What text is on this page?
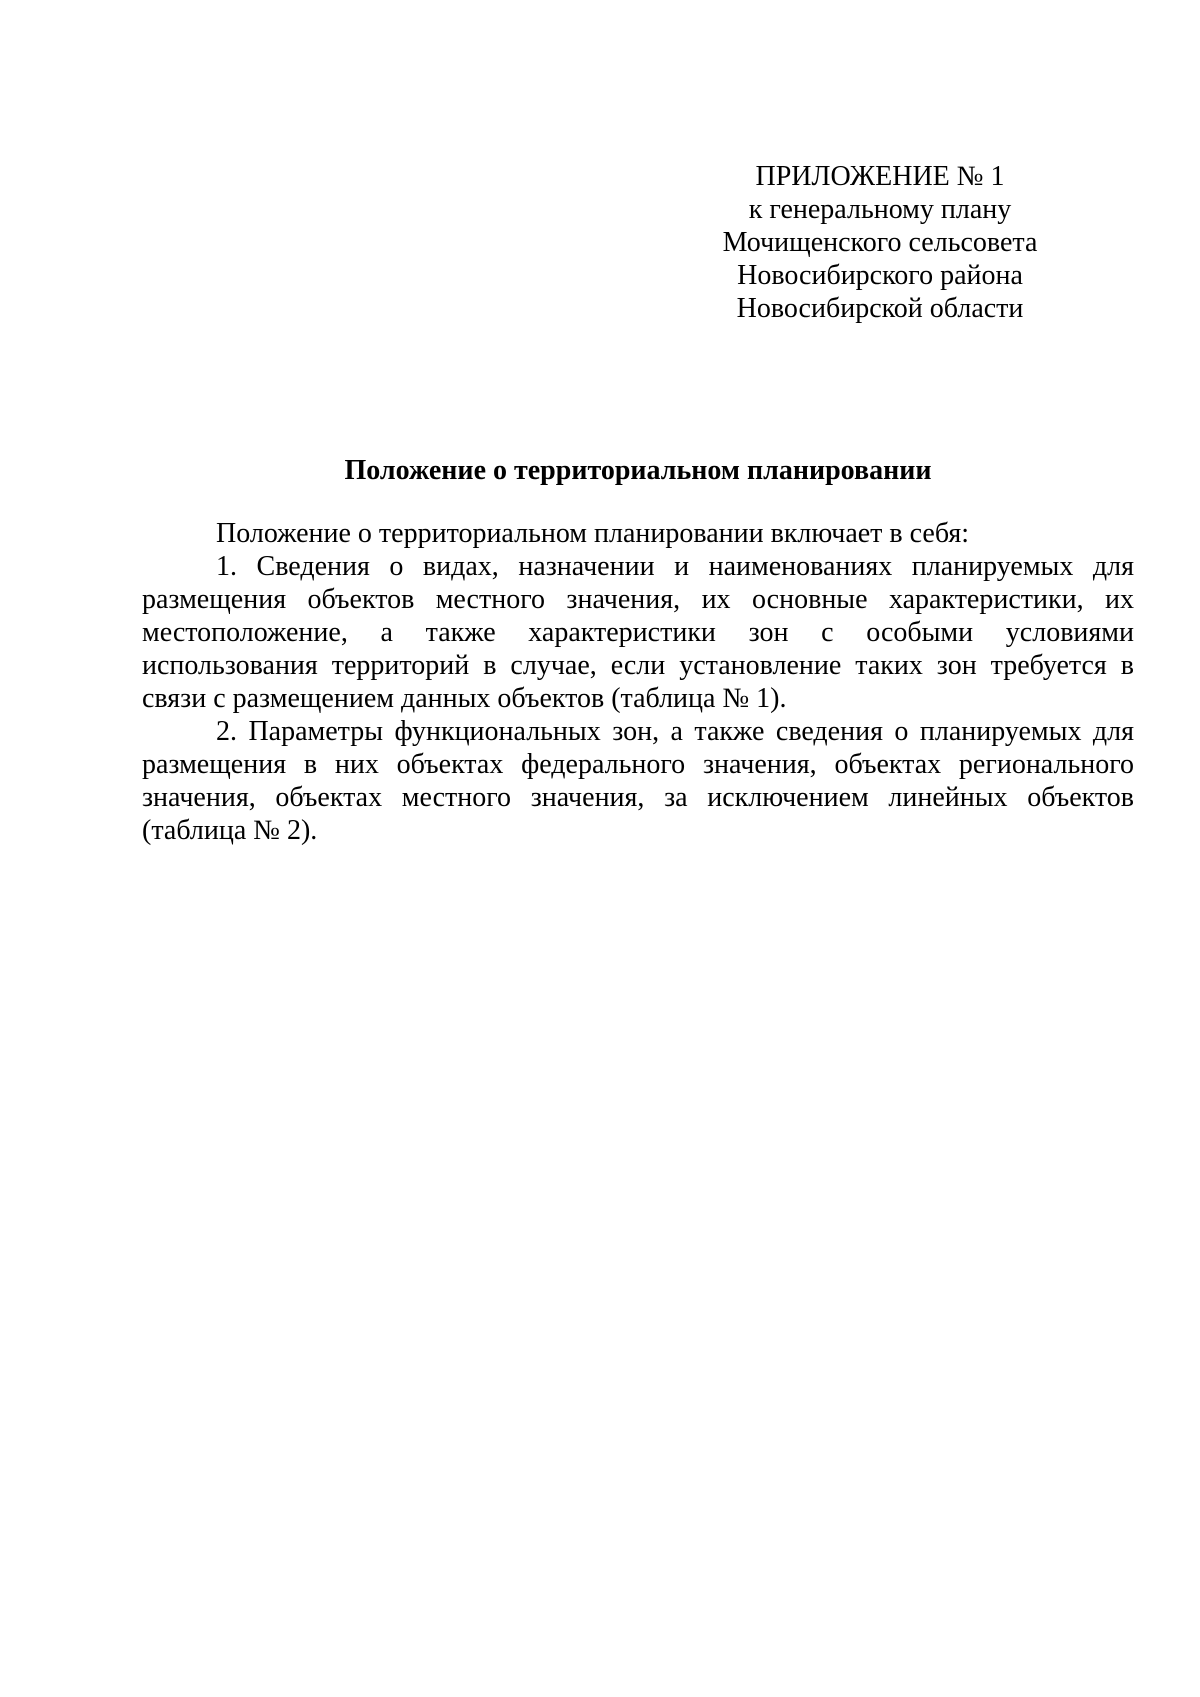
ПРИЛОЖЕНИЕ № 1
к генеральному плану
Мочищенского сельсовета
Новосибирского района
Новосибирской области
Положение о территориальном планировании

Положение о территориальном планировании включает в себя:

1. Сведения о видах, назначении и наименованиях планируемых для размещения объектов местного значения, их основные характеристики, их местоположение, а также характеристики зон с особыми условиями использования территорий в случае, если установление таких зон требуется в связи с размещением данных объектов (таблица № 1).

2. Параметры функциональных зон, а также сведения о планируемых для размещения в них объектах федерального значения, объектах регионального значения, объектах местного значения, за исключением линейных объектов (таблица № 2).
